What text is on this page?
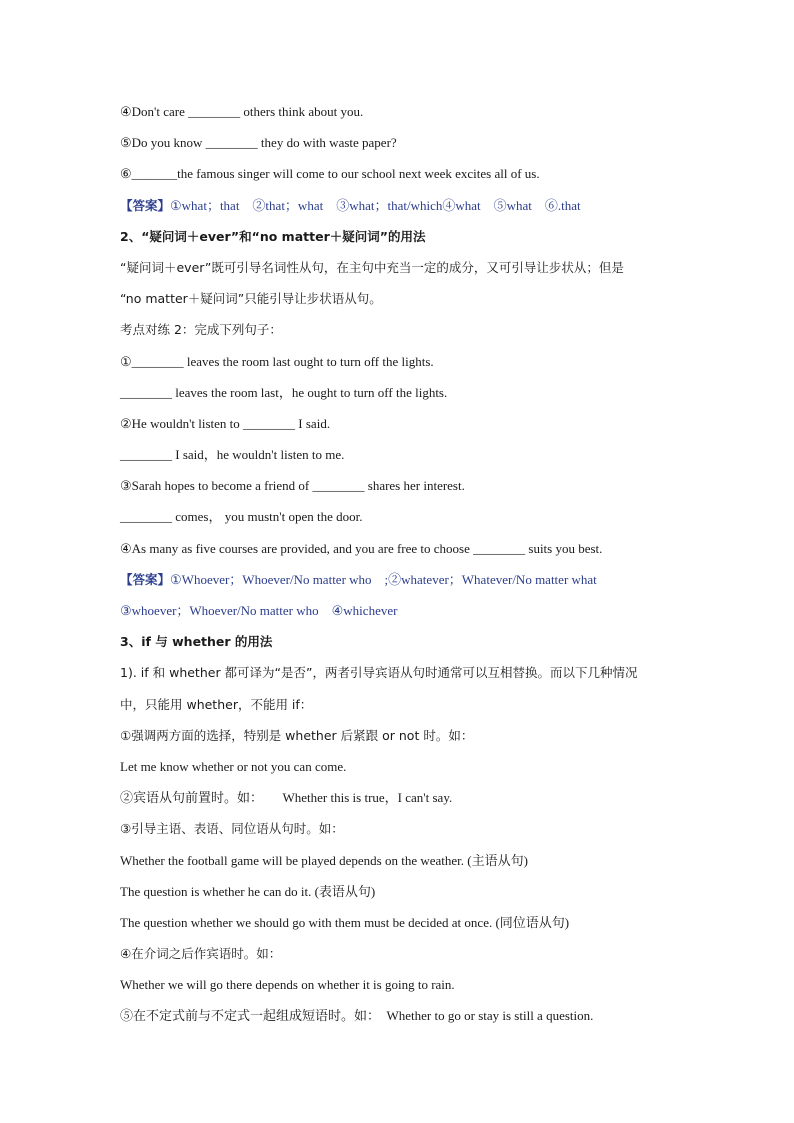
④Don't care ________ others think about you.
⑤Do you know ________ they do with waste paper?
⑥_______the famous singer will come to our school next week excites all of us.
【答案】①what；that　②that；what　③what；that/which④what　⑤what　⑥.that
2、“疑问词＋ever”和“no matter＋疑问词”的用法
“疑问词＋ever”既可引导名词性从句，在主句中充当一定的成分，又可引导让步状从；但是
“no matter＋疑问词”只能引导让步状语从句。
考点对练 2：完成下列句子：
①________ leaves the room last ought to turn off the lights.
________ leaves the room last，he ought to turn off the lights.
②He wouldn't listen to ________ I said.
________ I said，he wouldn't listen to me.
③Sarah hopes to become a friend of ________ shares her interest.
________ comes， you mustn't open the door.
④As many as five courses are provided, and you are free to choose ________ suits you best.
【答案】①Whoever；Whoever/No matter who　;②whatever；Whatever/No matter what
③whoever；Whoever/No matter who　④whichever
3、if 与 whether 的用法
1). if 和 whether 都可译为“是否”，两者引导宾语从句时通常可以互相替换。而以下几种情况
中，只能用 whether，不能用 if：
①强调两方面的选择，特别是 whether 后紧跟 or not 时。如：
Let me know whether or not you can come.
②宾语从句前置时。如：　　Whether this is true，I can't say.
③引导主语、表语、同位语从句时。如：
Whether the football game will be played depends on the weather. (主语从句)
The question is whether he can do it. (表语从句)
The question whether we should go with them must be decided at once. (同位语从句)
④在介词之后作宾语时。如：
Whether we will go there depends on whether it is going to rain.
⑤在不定式前与不定式一起组成短语时。如：　Whether to go or stay is still a question.
